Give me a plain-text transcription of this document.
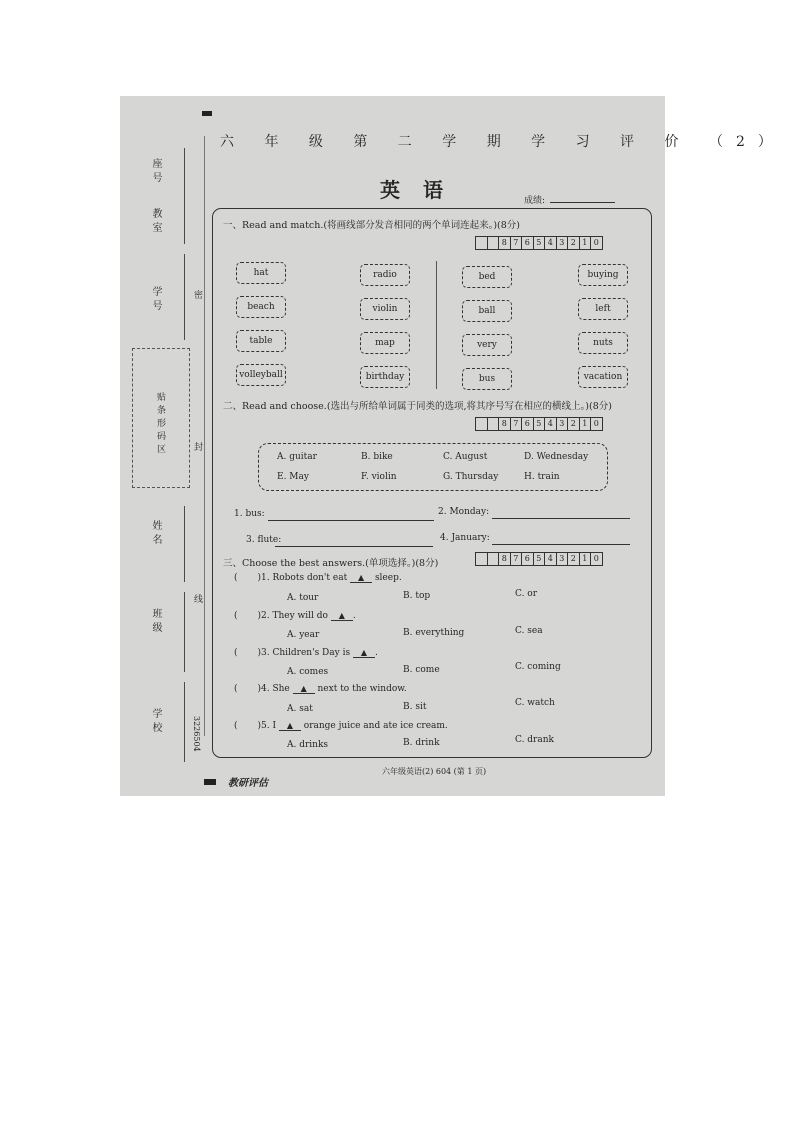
座号
教室
学号
贴条形码区
姓名
班级
学校
密
封
线
3226504
六 年 级 第 二 学 期 学 习 评 价 （2）
英 语	成绩:
一、Read and match.(将画线部分发音相同的两个单词连起来。)(8分)
8 7 6 5 4 3 2 1 0
hat	radio	bed	buying
beach	violin	ball	left
table	map	very	nuts
volleyball	birthday	bus	vacation
二、Read and choose.(选出与所给单词属于同类的选项,将其序号写在相应的横线上。)(8分)
8 7 6 5 4 3 2 1 0
A. guitar	B. bike	C. August	D. Wednesday
E. May	F. violin	G. Thursday	H. train
1. bus:	2. Monday:
3. flute:	4. January:
三、Choose the best answers.(单项选择。)(8分)	8 7 6 5 4 3 2 1 0
( )1. Robots don't eat ▲ sleep.
A. tour	B. top	C. or
( )2. They will do ▲ .
A. year	B. everything	C. sea
( )3. Children's Day is ▲ .
A. comes	B. come	C. coming
( )4. She ▲ next to the window.
A. sat	B. sit	C. watch
( )5. I ▲ orange juice and ate ice cream.
A. drinks	B. drink	C. drank
教研评估
六年级英语(2) 604 (第 1 页)
